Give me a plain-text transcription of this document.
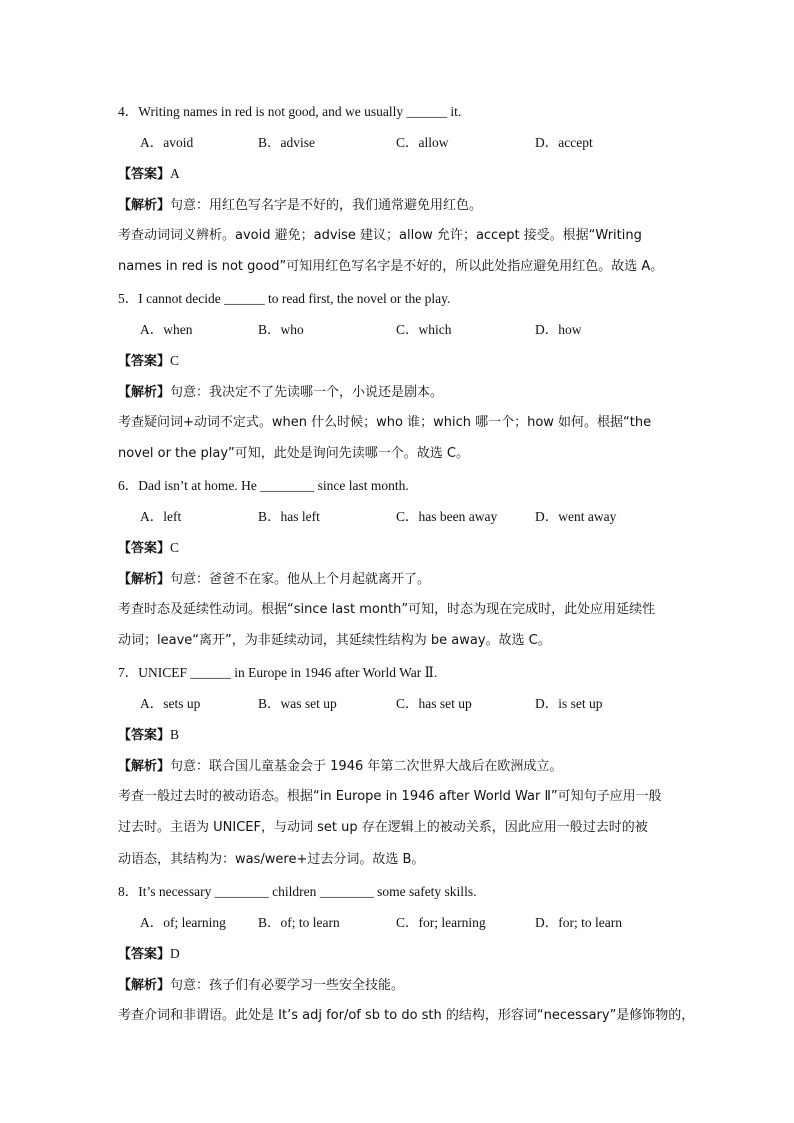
4．Writing names in red is not good, and we usually ______ it.
A．avoid	B．advise	C．allow	D．accept
【答案】A
【解析】句意：用红色写名字是不好的，我们通常避免用红色。
考查动词词义辨析。avoid 避免；advise 建议；allow 允许；accept 接受。根据“Writing
names in red is not good”可知用红色写名字是不好的，所以此处指应避免用红色。故选 A。
5．I cannot decide ______ to read first, the novel or the play.
A．when	B．who	C．which	D．how
【答案】C
【解析】句意：我决定不了先读哪一个，小说还是剧本。
考查疑问词+动词不定式。when 什么时候；who 谁；which 哪一个；how 如何。根据“the
novel or the play”可知，此处是询问先读哪一个。故选 C。
6．Dad isn’t at home. He ________ since last month.
A．left	B．has left	C．has been away	D．went away
【答案】C
【解析】句意：爸爸不在家。他从上个月起就离开了。
考查时态及延续性动词。根据“since last month”可知，时态为现在完成时，此处应用延续性
动词；leave“离开”，为非延续动词，其延续性结构为 be away。故选 C。
7．UNICEF ______ in Europe in 1946 after World War Ⅱ.
A．sets up	B．was set up	C．has set up	D．is set up
【答案】B
【解析】句意：联合国儿童基金会于 1946 年第二次世界大战后在欧洲成立。
考查一般过去时的被动语态。根据“in Europe in 1946 after World War Ⅱ”可知句子应用一般
过去时。主语为 UNICEF，与动词 set up 存在逻辑上的被动关系，因此应用一般过去时的被
动语态，其结构为：was/were+过去分词。故选 B。
8．It’s necessary ________ children ________ some safety skills.
A．of; learning B．of; to learn	C．for; learning	D．for; to learn
【答案】D
【解析】句意：孩子们有必要学习一些安全技能。
考查介词和非谓语。此处是 It’s adj for/of sb to do sth 的结构，形容词“necessary”是修饰物的，
